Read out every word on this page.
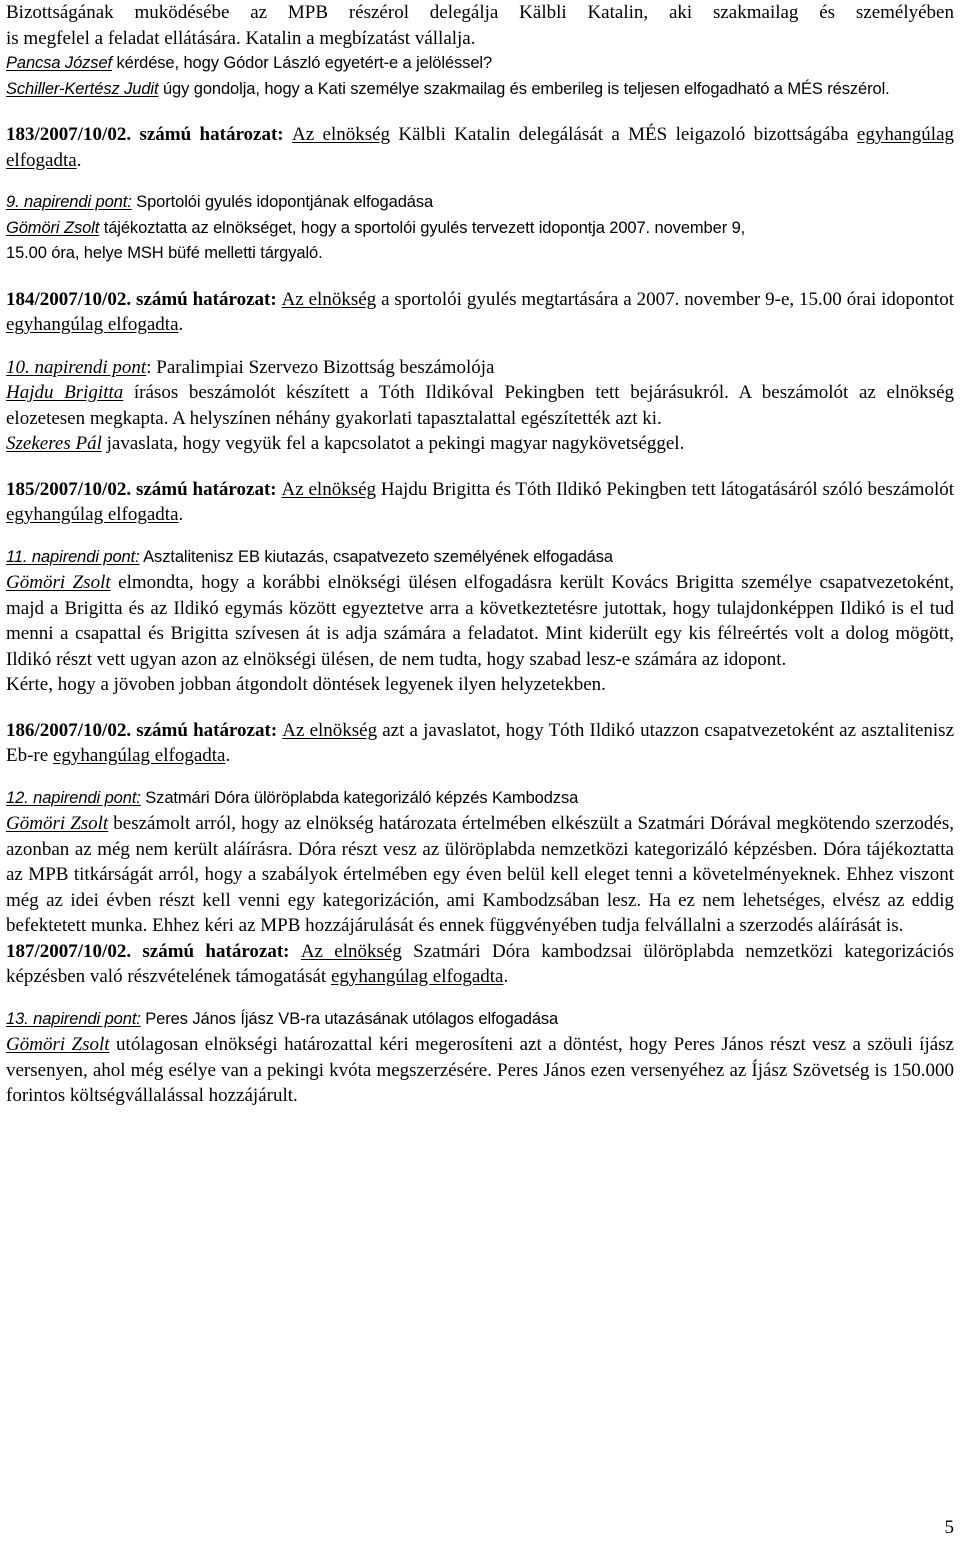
Bizottságának muködésébe az MPB részérol delegálja Kälbli Katalin, aki szakmailag és személyében

is megfelel a feladat ellátására. Katalin a megbízatást vállalja.

Pancsa József kérdése, hogy Gódor László egyetért-e a jelöléssel?

Schiller-Kertész Judit úgy gondolja, hogy a Kati személye szakmailag és emberileg is teljesen elfogadható a MÉS részérol.

183/2007/10/02. számú határozat: Az elnökség Kälbli Katalin delegálását a MÉS leigazoló bizottságába egyhangúlag elfogadta.

9. napirendi pont: Sportolói gyulés idopontjának elfogadása

Gömöri Zsolt tájékoztatta az elnökséget, hogy a sportolói gyulés tervezett idopontja 2007. november 9,

15.00 óra, helye MSH büfé melletti tárgyaló.

184/2007/10/02. számú határozat: Az elnökség a sportolói gyulés megtartására a 2007. november 9-e, 15.00 órai idopontot egyhangúlag elfogadta.

10. napirendi pont: Paralimpiai Szervezo Bizottság beszámolója

Hajdu Brigitta írásos beszámolót készített a Tóth Ildikóval Pekingben tett bejárásukról. A beszámolót az elnökség elozetesen megkapta. A helyszínen néhány gyakorlati tapasztalattal egészítették azt ki.

Szekeres Pál javaslata, hogy vegyük fel a kapcsolatot a pekingi magyar nagykövetséggel.

185/2007/10/02. számú határozat: Az elnökség Hajdu Brigitta és Tóth Ildikó Pekingben tett látogatásáról szóló beszámolót egyhangúlag elfogadta.

11. napirendi pont: Asztalitenisz EB kiutazás, csapatvezeto személyének elfogadása

Gömöri Zsolt elmondta, hogy a korábbi elnökségi ülésen elfogadásra került Kovács Brigitta személye csapatvezetoként, majd a Brigitta és az Ildikó egymás között egyeztetve arra a következtetésre jutottak, hogy tulajdonképpen Ildikó is el tud menni a csapattal és Brigitta szívesen át is adja számára a feladatot. Mint kiderült egy kis félreértés volt a dolog mögött, Ildikó részt vett ugyan azon az elnökségi ülésen, de nem tudta, hogy szabad lesz-e számára az idopont.

Kérte, hogy a jövoben jobban átgondolt döntések legyenek ilyen helyzetekben.

186/2007/10/02. számú határozat: Az elnökség azt a javaslatot, hogy Tóth Ildikó utazzon csapatvezetoként az asztalitenisz Eb-re egyhangúlag elfogadta.

12. napirendi pont: Szatmári Dóra ülöröplabda kategorizáló képzés Kambodzsa

Gömöri Zsolt beszámolt arról, hogy az elnökség határozata értelmében elkészült a Szatmári Dórával megkötendo szerzodés, azonban az még nem került aláírásra. Dóra részt vesz az ülöröplabda nemzetközi kategorizáló képzésben. Dóra tájékoztatta az MPB titkárságát arról, hogy a szabályok értelmében egy éven belül kell eleget tenni a követelményeknek. Ehhez viszont még az idei évben részt kell venni egy kategorizáción, ami Kambodzsában lesz. Ha ez nem lehetséges, elvész az eddig befektetett munka. Ehhez kéri az MPB hozzájárulását és ennek függvényében tudja felvállalni a szerzodés aláírását is.

187/2007/10/02. számú határozat: Az elnökség Szatmári Dóra kambodzsai ülöröplabda nemzetközi kategorizációs képzésben való részvételének támogatását egyhangúlag elfogadta.

13. napirendi pont: Peres János Íjász VB-ra utazásának utólagos elfogadása

Gömöri Zsolt utólagosan elnökségi határozattal kéri megerosíteni azt a döntést, hogy Peres János részt vesz a szöuli íjász versenyen, ahol még esélye van a pekingi kvóta megszerzésére. Peres János ezen versenyéhez az Íjász Szövetség is 150.000 forintos költségvállalással hozzájárult.

5
